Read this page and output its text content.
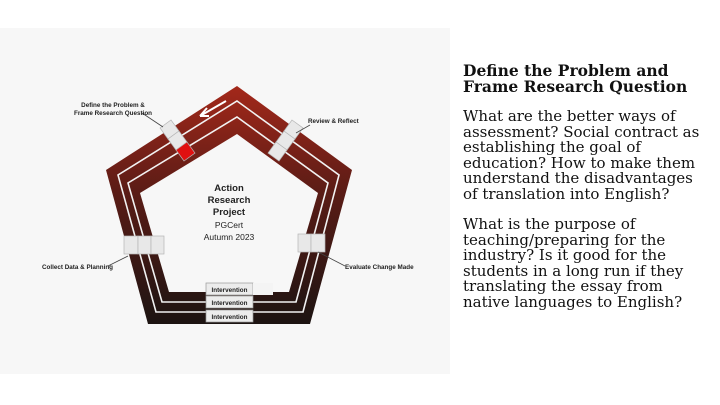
Intervention
Intervention
Intervention
Define the Problem &
Frame Research Question
Review & Reflect
Collect Data & Planning	Evaluate Change Made
Action
Research
Project
PGCert
Autumn 2023

Define the Problem and Frame Research Question

What are the better ways of assessment? Social contract as establishing the goal of education? How to make them understand the disadvantages of translation into English?

What is the purpose of teaching/preparing for the industry? Is it good for the students in a long run if they translating the essay from native languages to English?
